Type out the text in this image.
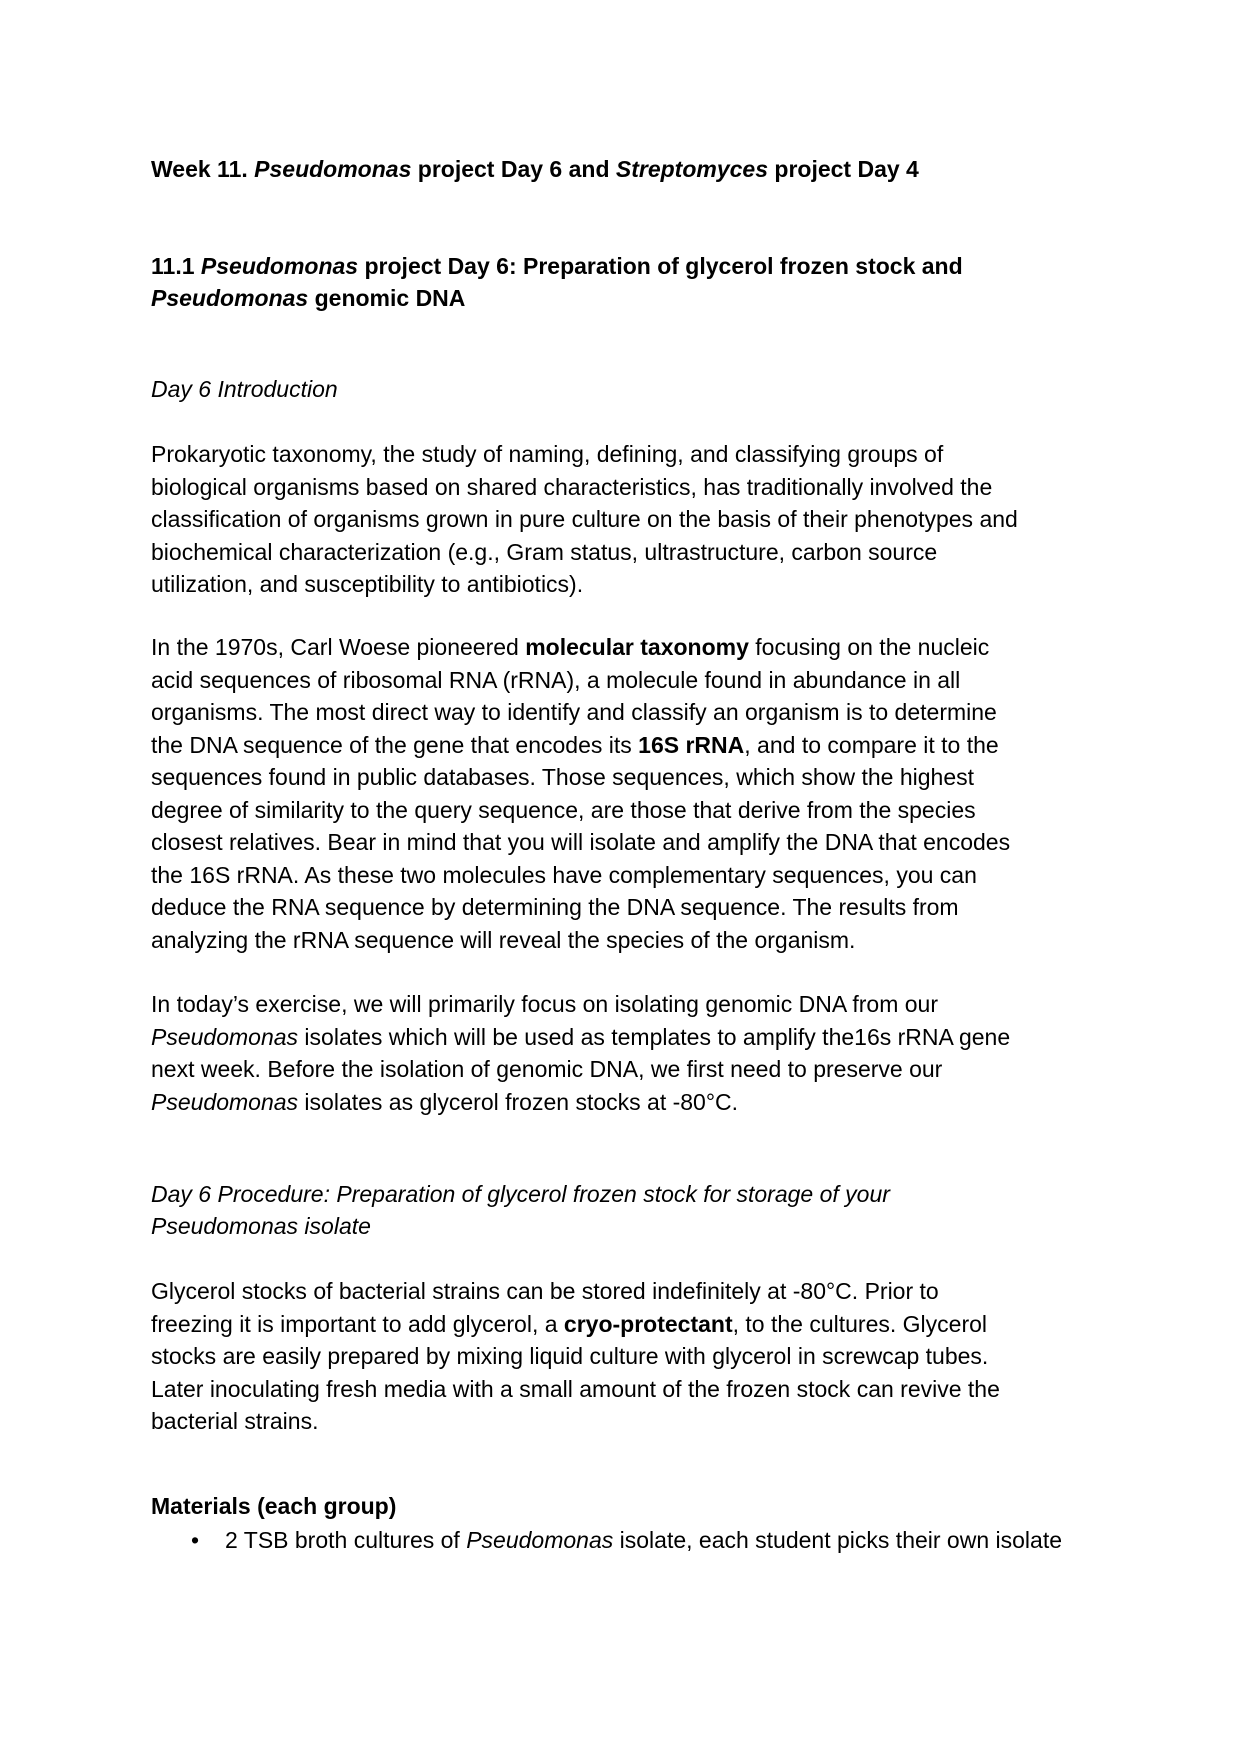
Week 11. Pseudomonas project Day 6 and Streptomyces project Day 4
11.1 Pseudomonas project Day 6: Preparation of glycerol frozen stock and
Pseudomonas genomic DNA
Day 6 Introduction

Prokaryotic taxonomy, the study of naming, defining, and classifying groups of

biological organisms based on shared characteristics, has traditionally involved the

classification of organisms grown in pure culture on the basis of their phenotypes and

biochemical characterization (e.g., Gram status, ultrastructure, carbon source

utilization, and susceptibility to antibiotics).

In the 1970s, Carl Woese pioneered molecular taxonomy focusing on the nucleic

acid sequences of ribosomal RNA (rRNA), a molecule found in abundance in all

organisms. The most direct way to identify and classify an organism is to determine

the DNA sequence of the gene that encodes its 16S rRNA, and to compare it to the

sequences found in public databases. Those sequences, which show the highest

degree of similarity to the query sequence, are those that derive from the species

closest relatives. Bear in mind that you will isolate and amplify the DNA that encodes

the 16S rRNA. As these two molecules have complementary sequences, you can

deduce the RNA sequence by determining the DNA sequence. The results from

analyzing the rRNA sequence will reveal the species of the organism.

In today’s exercise, we will primarily focus on isolating genomic DNA from our

Pseudomonas isolates which will be used as templates to amplify the16s rRNA gene

next week. Before the isolation of genomic DNA, we first need to preserve our

Pseudomonas isolates as glycerol frozen stocks at -80°C.

Day 6 Procedure: Preparation of glycerol frozen stock for storage of your
Pseudomonas isolate

Glycerol stocks of bacterial strains can be stored indefinitely at -80°C. Prior to

freezing it is important to add glycerol, a cryo-protectant, to the cultures. Glycerol

stocks are easily prepared by mixing liquid culture with glycerol in screwcap tubes.

Later inoculating fresh media with a small amount of the frozen stock can revive the

bacterial strains.

Materials (each group)
• 2 TSB broth cultures of Pseudomonas isolate, each student picks their own isolate
